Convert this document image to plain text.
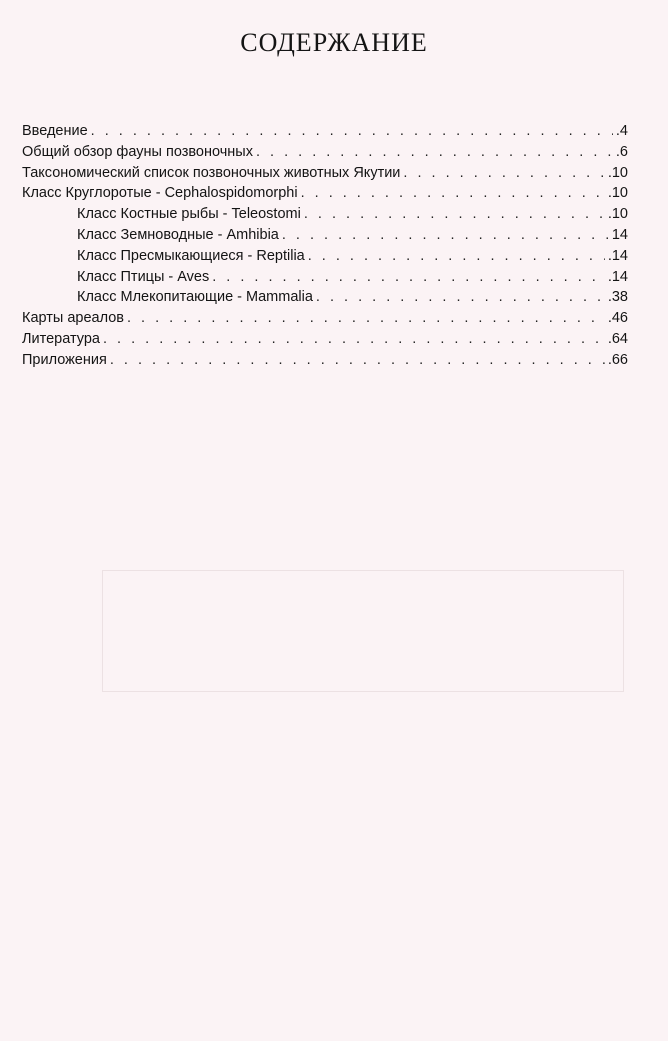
СОДЕРЖАНИЕ
Введение . . .	.4
Общий обзор фауны позвоночных . . .	.6
Таксономический список позвоночных животных Якутии . . .	.10
Класс Круглоротые - Cephalospidomorphi . . .	.10
Класс Костные рыбы - Teleostomi . . .	.10
Класс Земноводные - Amhibia . . .	14
Класс Пресмыкающиеся - Reptilia . . .	.14
Класс Птицы - Aves . . .	.14
Класс Млекопитающие - Mammalia . . .	.38
Карты ареалов . . .	.46
Литература . . .	.64
Приложения . . .	.66
